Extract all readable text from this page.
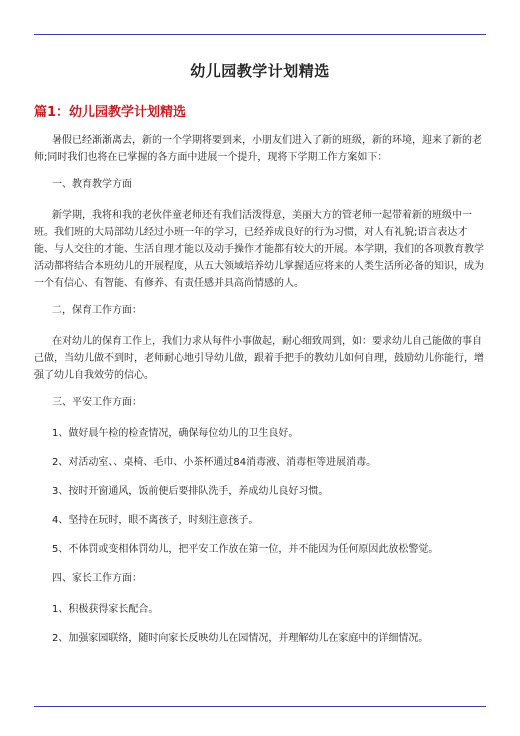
幼儿园教学计划精选
篇1：幼儿园教学计划精选

暑假已经渐渐离去，新的一个学期将要到来，小朋友们进入了新的班级，新的环境，迎来了新的老师;同时我们也将在已掌握的各方面中进展一个提升，现将下学期工作方案如下：

一、教育教学方面

新学期，我将和我的老伙伴童老师还有我们活泼得意，美丽大方的管老师一起带着新的班级中一班。我们班的大局部幼儿经过小班一年的学习，已经养成良好的行为习惯，对人有礼貌;语言表达才能、与人交往的才能、生活自理才能以及动手操作才能都有较大的开展。本学期，我们的各项教育教学活动都将结合本班幼儿的开展程度，从五大领域培养幼儿掌握适应将来的人类生活所必备的知识，成为一个有信心、有智能、有修养、有责任感并具高尚情感的人。

二，保育工作方面：

在对幼儿的保育工作上，我们力求从每件小事做起，耐心细致周到，如：要求幼儿自己能做的事自己做，当幼儿做不到时，老师耐心地引导幼儿做，跟着手把手的教幼儿如何自理，鼓励幼儿你能行，增强了幼儿自我效劳的信心。

三、平安工作方面：

1、做好晨午检的检查情况，确保每位幼儿的卫生良好。

2、对活动室、、桌椅、毛巾、小茶杯通过84消毒液、消毒柜等进展消毒。

3、按时开窗通风，饭前便后要排队洗手，养成幼儿良好习惯。

4、坚持在玩时，眼不离孩子，时刻注意孩子。

5、不体罚或变相体罚幼儿，把平安工作放在第一位，并不能因为任何原因此放松警觉。

四、家长工作方面：

1、积极获得家长配合。

2、加强家园联络，随时向家长反映幼儿在园情况，并理解幼儿在家庭中的详细情况。
